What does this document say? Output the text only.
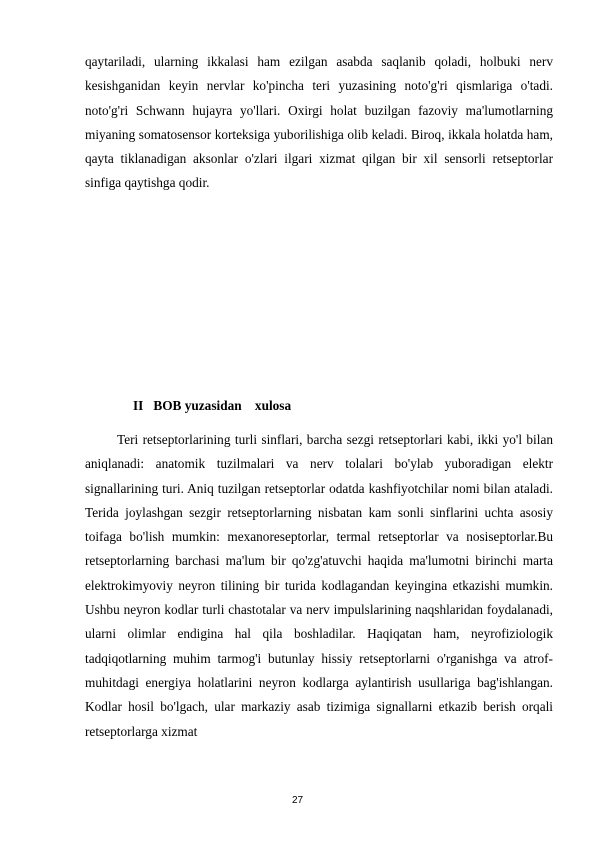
qaytariladi, ularning ikkalasi ham ezilgan asabda saqlanib qoladi, holbuki nerv kesishganidan keyin nervlar ko'pincha teri yuzasining noto'g'ri qismlariga o'tadi. noto'g'ri Schwann hujayra yo'llari. Oxirgi holat buzilgan fazoviy ma'lumotlarning miyaning somatosensor korteksiga yuborilishiga olib keladi. Biroq, ikkala holatda ham, qayta tiklanadigan aksonlar o'zlari ilgari xizmat qilgan bir xil sensorli retseptorlar sinfiga qaytishga qodir.

II   BOB yuzasidan    xulosa

Teri retseptorlarining turli sinflari, barcha sezgi retseptorlari kabi, ikki yo'l bilan aniqlanadi: anatomik tuzilmalari va nerv tolalari bo'ylab yuboradigan elektr signallarining turi. Aniq tuzilgan retseptorlar odatda kashfiyotchilar nomi bilan ataladi. Terida joylashgan sezgir retseptorlarning nisbatan kam sonli sinflarini uchta asosiy toifaga bo'lish mumkin: mexanoreseptorlar, termal retseptorlar va nosiseptorlar.Bu retseptorlarning barchasi ma'lum bir qo'zg'atuvchi haqida ma'lumotni birinchi marta elektrokimyoviy neyron tilining bir turida kodlagandan keyingina etkazishi mumkin. Ushbu neyron kodlar turli chastotalar va nerv impulslarining naqshlaridan foydalanadi, ularni olimlar endigina hal qila boshladilar. Haqiqatan ham, neyrofiziologik tadqiqotlarning muhim tarmog'i butunlay hissiy retseptorlarni o'rganishga va atrof-muhitdagi energiya holatlarini neyron kodlarga aylantirish usullariga bag'ishlangan. Kodlar hosil bo'lgach, ular markaziy asab tizimiga signallarni etkazib berish orqali retseptorlarga xizmat

27
